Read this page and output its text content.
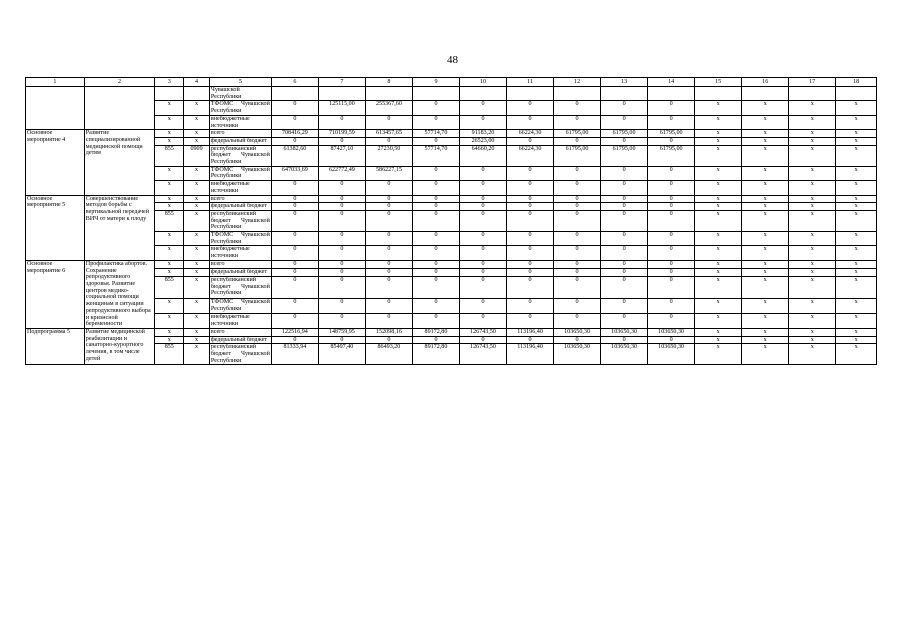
48
1	2	3	4	5	6	7	8	9	10	11	12	13	14	15	16	17	18
				Чувашской Республики													
		x	x	ТФОМС Чувашской Республики	0	125115,00	255367,60	0	0	0	0	0	0	x	x	x	x
		x	x	внебюджетные источники	0	0	0	0	0	0	0	0	0	x	x	x	x
Основное мероприятие 4	Развитие специализированной медицинской помощи детям	x	x	всего	708416,29	710199,59	613457,65	57714,70	91183,20	66224,30	61795,00	61795,00	61795,00	x	x	x	x
		x	x	федеральный бюджет	0	0	0	0	26523,00	0	0	0	0	x	x	x	x
		855	0909	республиканский бюджет Чувашской Республики	61382,60	87427,10	27230,50	57714,70	64660,20	66224,30	61795,00	61795,00	61795,00	x	x	x	x
		x	x	ТФОМС Чувашской Республики	647033,69	622772,49	586227,15	0	0	0	0	0	0	x	x	x	x
		x	x	внебюджетные источники	0	0	0	0	0	0	0	0	0	x	x	x	x
Основное мероприятие 5	Совершенствование методов борьбы с вертикальной передачей ВИЧ от матери к плоду	x	x	всего	0	0	0	0	0	0	0	0	0	x	x	x	x
		x	x	федеральный бюджет	0	0	0	0	0	0	0	0	0	x	x	x	x
		855	x	республиканский бюджет Чувашской Республики	0	0	0	0	0	0	0	0	0	x	x	x	x
		x	x	ТФОМС Чувашской Республики	0	0	0	0	0	0	0	0	0	x	x	x	x
		x	x	внебюджетные источники	0	0	0	0	0	0	0	0	0	x	x	x	x
Основное мероприятие 6	Профилактика абортов. Сохранение репродуктивного здоровья. Развитие центров медико-социальной помощи женщинам в ситуации репродуктивного выбора и кризисной беременности	x	x	всего	0	0	0	0	0	0	0	0	0	x	x	x	x
		x	x	федеральный бюджет	0	0	0	0	0	0	0	0	0	x	x	x	x
		855	x	республиканский бюджет Чувашской Республики	0	0	0	0	0	0	0	0	0	x	x	x	x
		x	x	ТФОМС Чувашской Республики	0	0	0	0	0	0	0	0	0	x	x	x	x
		x	x	внебюджетные источники	0	0	0	0	0	0	0	0	0	x	x	x	x
Подпрограмма 5	Развитие медицинской реабилитации и санаторно-курортного лечения, в том числе детей	x	x	всего	122516,94	148759,95	152098,16	89172,80	126743,50	113196,40	103650,30	103650,30	103650,30	x	x	x	x
		x	x	федеральный бюджет	0	0	0	0	0	0	0	0	0	x	x	x	x
		855	x	республиканский бюджет Чувашской Республики	81333,94	85497,40	86493,20	89172,80	126743,50	113196,40	103650,30	103650,30	103650,30	x	x	x	x
